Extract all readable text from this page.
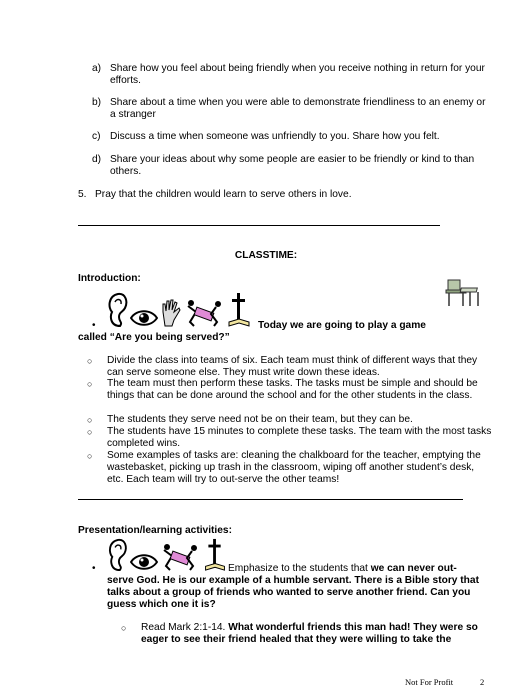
a) Share how you feel about being friendly when you receive nothing in return for your efforts.
b) Share about a time when you were able to demonstrate friendliness to an enemy or a stranger
c) Discuss a time when someone was unfriendly to you. Share how you felt.
d) Share your ideas about why some people are easier to be friendly or kind to than others.
5. Pray that the children would learn to serve others in love.
CLASSTIME:
Introduction:
•	Today we are going to play a game
called “Are you being served?”
○ Divide the class into teams of six. Each team must think of different ways that they can serve someone else. They must write down these ideas.
○ The team must then perform these tasks. The tasks must be simple and should be things that can be done around the school and for the other students in the class.
○ The students they serve need not be on their team, but they can be.
○ The students have 15 minutes to complete these tasks. The team with the most tasks completed wins.
○ Some examples of tasks are: cleaning the chalkboard for the teacher, emptying the wastebasket, picking up trash in the classroom, wiping off another student’s desk, etc. Each team will try to out-serve the other teams!
Presentation/learning activities:
•	Emphasize to the students that we can never out-
serve God. He is our example of a humble servant. There is a Bible story that talks about a group of friends who wanted to serve another friend. Can you guess which one it is?
○ Read Mark 2:1-14. What wonderful friends this man had! They were so eager to see their friend healed that they were willing to take the
Not For Profit	2
